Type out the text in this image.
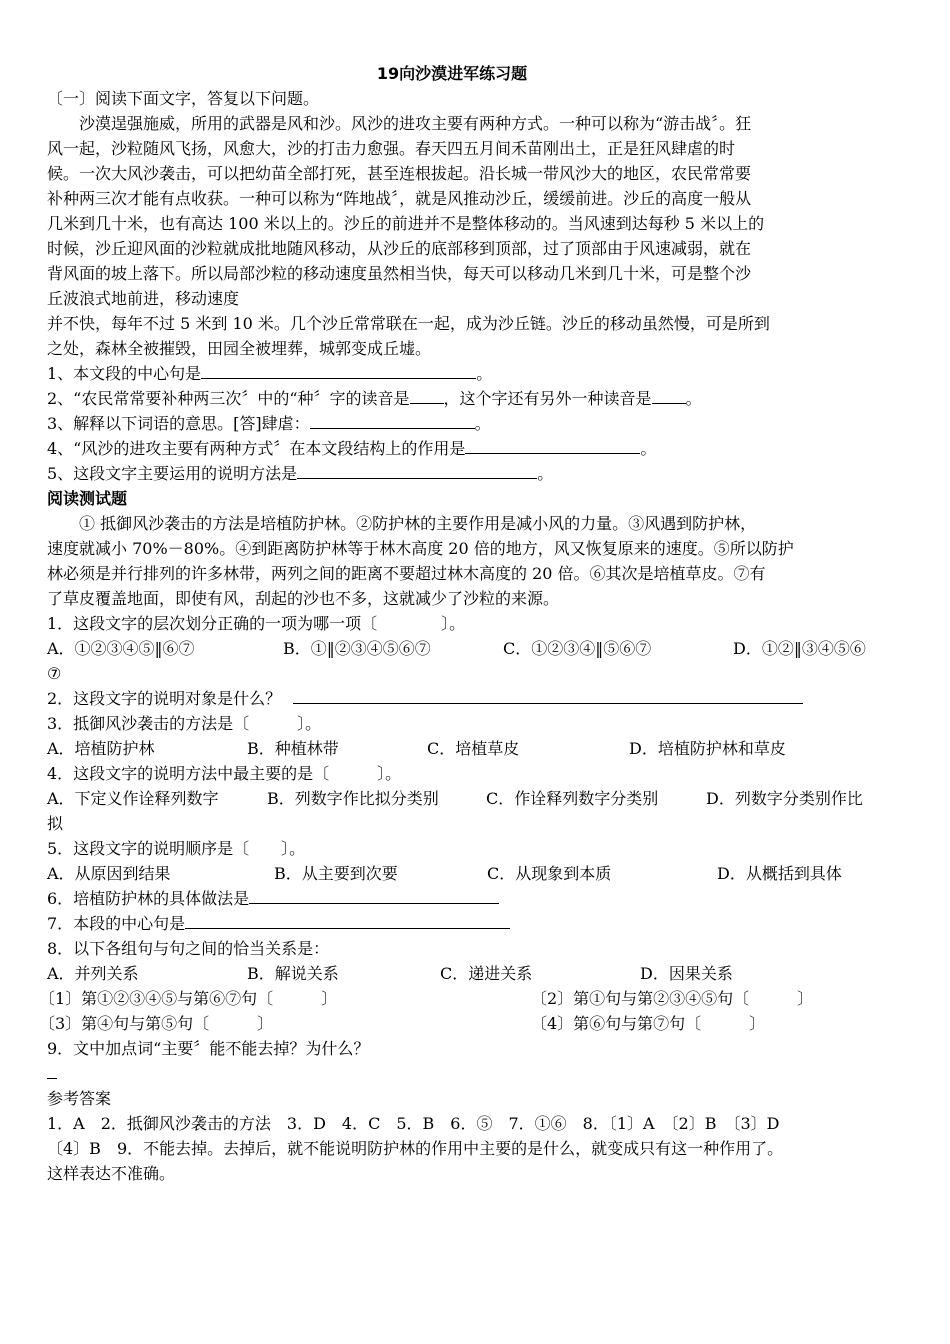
19向沙漠进军练习题
〔一〕阅读下面文字，答复以下问题。
沙漠逞强施威，所用的武器是风和沙。风沙的进攻主要有两种方式。一种可以称为“游击战〞。狂
风一起，沙粒随风飞扬，风愈大，沙的打击力愈强。春天四五月间禾苗刚出土，正是狂风肆虐的时
候。一次大风沙袭击，可以把幼苗全部打死，甚至连根拔起。沿长城一带风沙大的地区，农民常常要
补种两三次才能有点收获。一种可以称为“阵地战〞，就是风推动沙丘，缓缓前进。沙丘的高度一般从
几米到几十米，也有高达 100 米以上的。沙丘的前进并不是整体移动的。当风速到达每秒 5 米以上的
时候，沙丘迎风面的沙粒就成批地随风移动，从沙丘的底部移到顶部，过了顶部由于风速减弱，就在
背风面的坡上落下。所以局部沙粒的移动速度虽然相当快，每天可以移动几米到几十米，可是整个沙
丘波浪式地前进，移动速度
并不快，每年不过 5 米到 10 米。几个沙丘常常联在一起，成为沙丘链。沙丘的移动虽然慢，可是所到
之处，森林全被摧毁，田园全被埋葬，城郭变成丘墟。
1、本文段的中心句是	。
2、“农民常常要补种两三次〞中的“种〞字的读音是 ，这个字还有另外一种读音是 。
3、解释以下词语的意思。[答]肆虐：	。
4、“风沙的进攻主要有两种方式〞在本文段结构上的作用是	。
5、这段文字主要运用的说明方法是	。
阅读测试题
① 抵御风沙袭击的方法是培植防护林。②防护林的主要作用是减小风的力量。③风遇到防护林，
速度就减小 70%－80%。④到距离防护林等于林木高度 20 倍的地方，风又恢复原来的速度。⑤所以防护
林必须是并行排列的许多林带，两列之间的距离不要超过林木高度的 20 倍。⑥其次是培植草皮。⑦有
了草皮覆盖地面，即使有风，刮起的沙也不多，这就减少了沙粒的来源。
1．这段文字的层次划分正确的一项为哪一项〔　　　　〕。
A．①②③④⑤‖⑥⑦	B．①‖②③④⑤⑥⑦	C．①②③④‖⑤⑥⑦	D．①②‖③④⑤⑥
⑦
2．这段文字的说明对象是什么？
3．抵御风沙袭击的方法是〔　　　〕。
A．培植防护林	B．种植林带	C．培植草皮	D．培植防护林和草皮
4．这段文字的说明方法中最主要的是〔　　　〕。
A．下定义作诠释列数字	B．列数字作比拟分类别	C．作诠释列数字分类别	D．列数字分类别作比
拟
5．这段文字的说明顺序是〔　　〕。
A．从原因到结果	B．从主要到次要	C．从现象到本质	D．从概括到具体
6．培植防护林的具体做法是
7．本段的中心句是
8．以下各组句与句之间的恰当关系是：
A．并列关系	B．解说关系	C．递进关系	D．因果关系
〔1〕第①②③④⑤与第⑥⑦句〔　　　〕	〔2〕第①句与第②③④⑤句〔　　　〕
〔3〕第④句与第⑤句〔　　　〕	〔4〕第⑥句与第⑦句〔　　　〕
9．文中加点词“主要〞能不能去掉？为什么？
参考答案
1．A　2．抵御风沙袭击的方法　3．D　4．C　5．B　6．⑤　7．①⑥　8．〔1〕A　〔2〕B　〔3〕D
〔4〕B　9．不能去掉。去掉后，就不能说明防护林的作用中主要的是什么，就变成只有这一种作用了。
这样表达不准确。
